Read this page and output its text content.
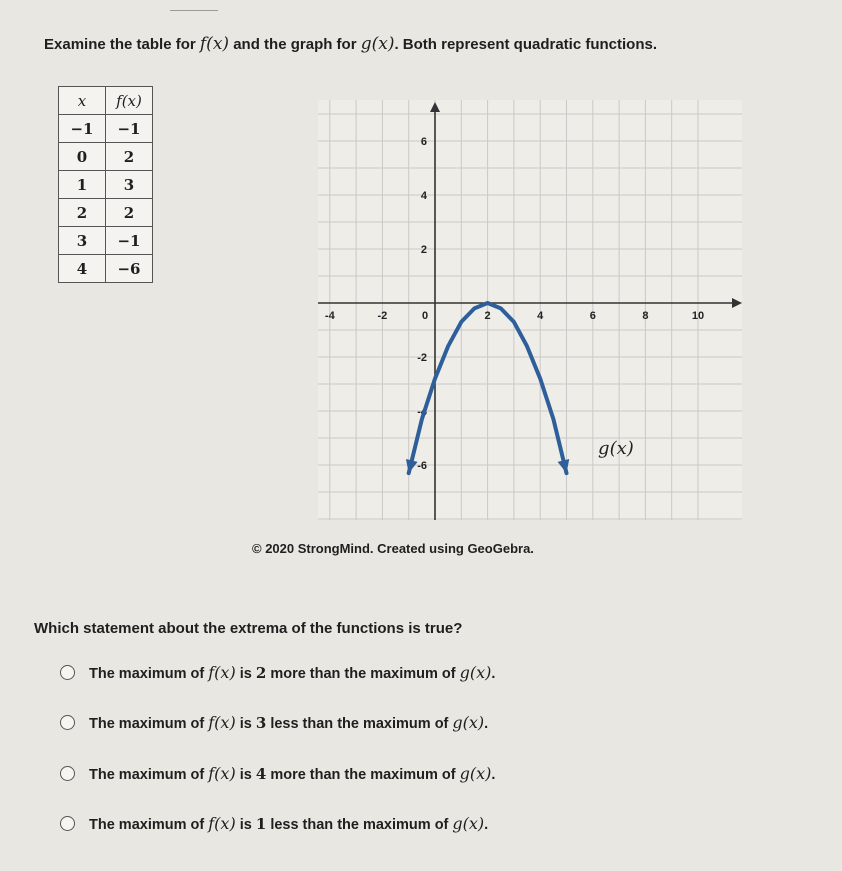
Examine the table for f(x) and the graph for g(x). Both represent quadratic functions.
x	f(x)
−1	−1
0	2
1	3
2	2
3	−1
4	−6
-4	-2	0	2	4	6	8	10
6
4
2
-2
-4
-6
g(x)
© 2020 StrongMind. Created using GeoGebra.
Which statement about the extrema of the functions is true?
The maximum of f(x) is 2 more than the maximum of g(x).
The maximum of f(x) is 3 less than the maximum of g(x).
The maximum of f(x) is 4 more than the maximum of g(x).
The maximum of f(x) is 1 less than the maximum of g(x).
